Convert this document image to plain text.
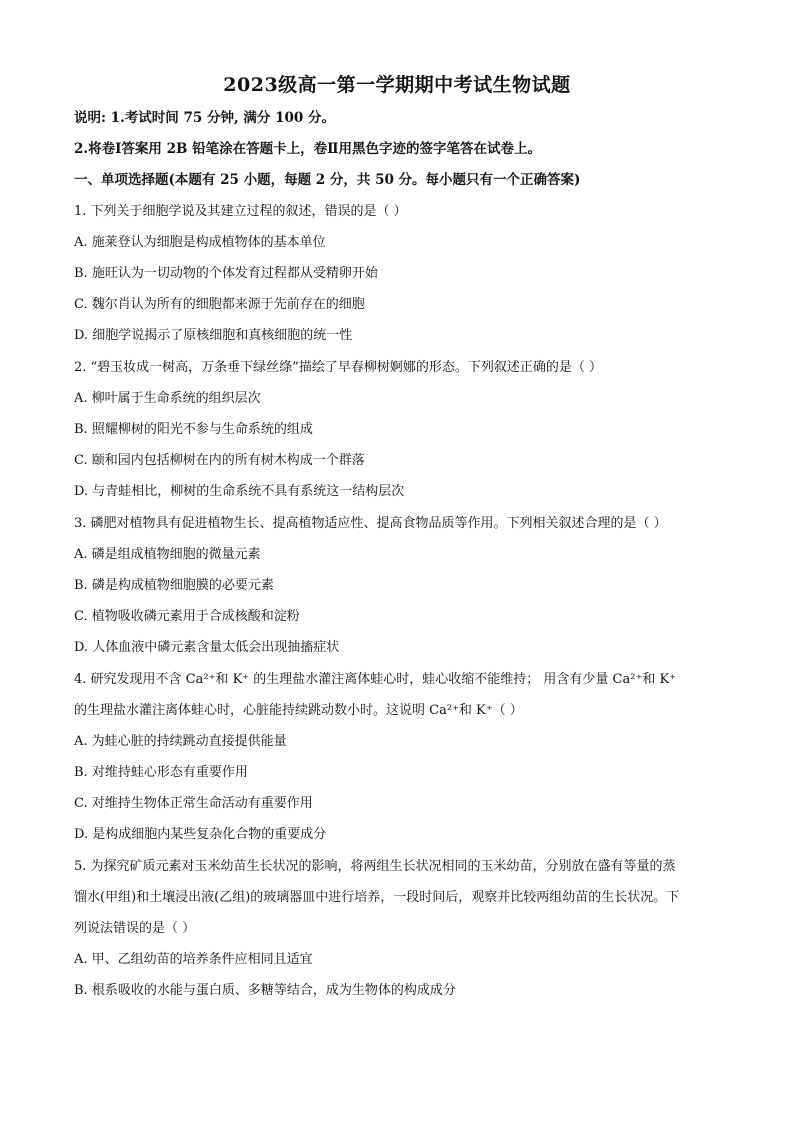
2023级高一第一学期期中考试生物试题
说明: 1.考试时间 75 分钟, 满分 100 分。
2.将卷Ⅰ答案用 2B 铅笔涂在答题卡上，卷Ⅱ用黑色字迹的签字笔答在试卷上。
一、单项选择题(本题有 25 小题，每题 2 分，共 50 分。每小题只有一个正确答案)
1. 下列关于细胞学说及其建立过程的叙述，错误的是（ ）
A. 施莱登认为细胞是构成植物体的基本单位
B. 施旺认为一切动物的个体发育过程都从受精卵开始
C. 魏尔肖认为所有的细胞都来源于先前存在的细胞
D. 细胞学说揭示了原核细胞和真核细胞的统一性
2. “碧玉妆成一树高，万条垂下绿丝绦”描绘了早春柳树婀娜的形态。下列叙述正确的是（ ）
A. 柳叶属于生命系统的组织层次
B. 照耀柳树的阳光不参与生命系统的组成
C. 颐和园内包括柳树在内的所有树木构成一个群落
D. 与青蛙相比，柳树的生命系统不具有系统这一结构层次
3. 磷肥对植物具有促进植物生长、提高植物适应性、提高食物品质等作用。下列相关叙述合理的是（ ）
A. 磷是组成植物细胞的微量元素
B. 磷是构成植物细胞膜的必要元素
C. 植物吸收磷元素用于合成核酸和淀粉
D. 人体血液中磷元素含量太低会出现抽搐症状
4. 研究发现用不含 Ca²⁺和 K⁺ 的生理盐水灌注离体蛙心时，蛙心收缩不能维持； 用含有少量 Ca²⁺和 K⁺
的生理盐水灌注离体蛙心时，心脏能持续跳动数小时。这说明 Ca²⁺和 K⁺（ ）
A. 为蛙心脏的持续跳动直接提供能量
B. 对维持蛙心形态有重要作用
C. 对维持生物体正常生命活动有重要作用
D. 是构成细胞内某些复杂化合物的重要成分
5. 为探究矿质元素对玉米幼苗生长状况的影响，将两组生长状况相同的玉米幼苗，分别放在盛有等量的蒸
馏水(甲组)和土壤浸出液(乙组)的玻璃器皿中进行培养，一段时间后，观察并比较两组幼苗的生长状况。下
列说法错误的是（ ）
A. 甲、乙组幼苗的培养条件应相同且适宜
B. 根系吸收的水能与蛋白质、多糖等结合，成为生物体的构成成分
